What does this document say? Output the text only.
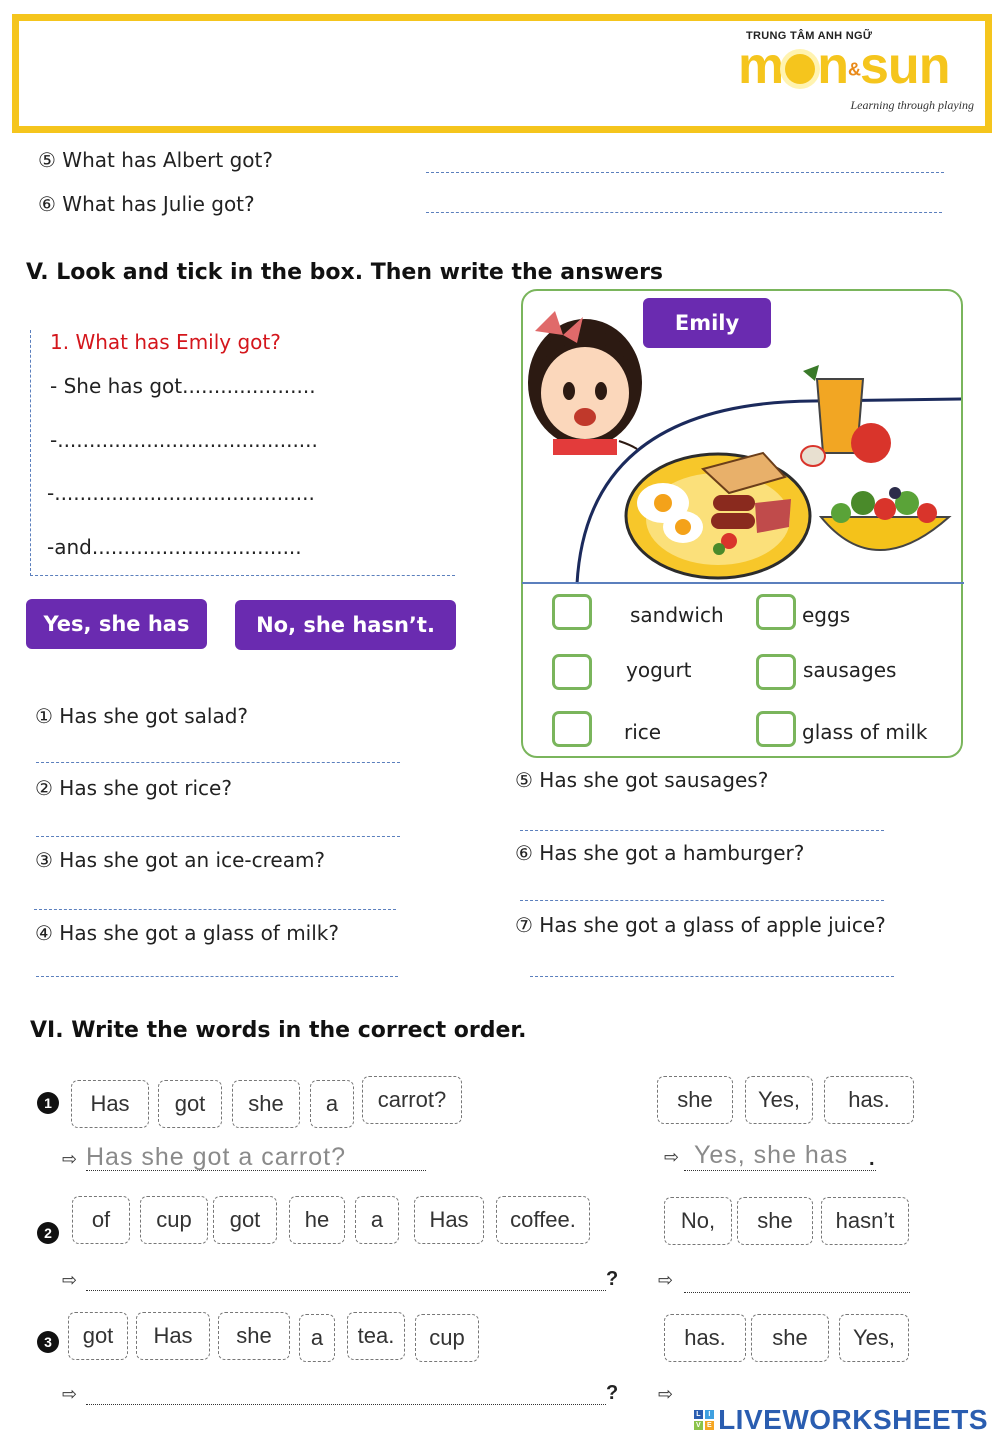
TRUNG TÂM ANH NGỮ
m n&sun
Learning through playing
⑤ What has Albert got?
⑥ What has Julie got?
V. Look and tick in the box. Then write the answers
1. What has Emily got?
- She has got.....................
-.........................................
-.........................................
-and.................................
Yes, she has	No, she hasn’t.
Emily
sandwich	eggs
yogurt	sausages
rice	glass of milk
① Has she got salad?
② Has she got rice?
③ Has she got an ice-cream?
④ Has she got a glass of milk?
⑤ Has she got sausages?
⑥ Has she got a hamburger?
⑦ Has she got a glass of apple juice?
VI. Write the words in the correct order.
1	Has	got	she	a	carrot?	she	Yes,	has.
⇨ Has she got a carrot?	⇨ Yes, she has .
2
of	cup	got	he	a	Has	coffee.	No,	she	hasn’t
⇨	? ⇨
3	got	Has	she	a	tea.	cup	has.	she	Yes,
⇨	? ⇨
L	I
V E LIVEWORKSHEETS
